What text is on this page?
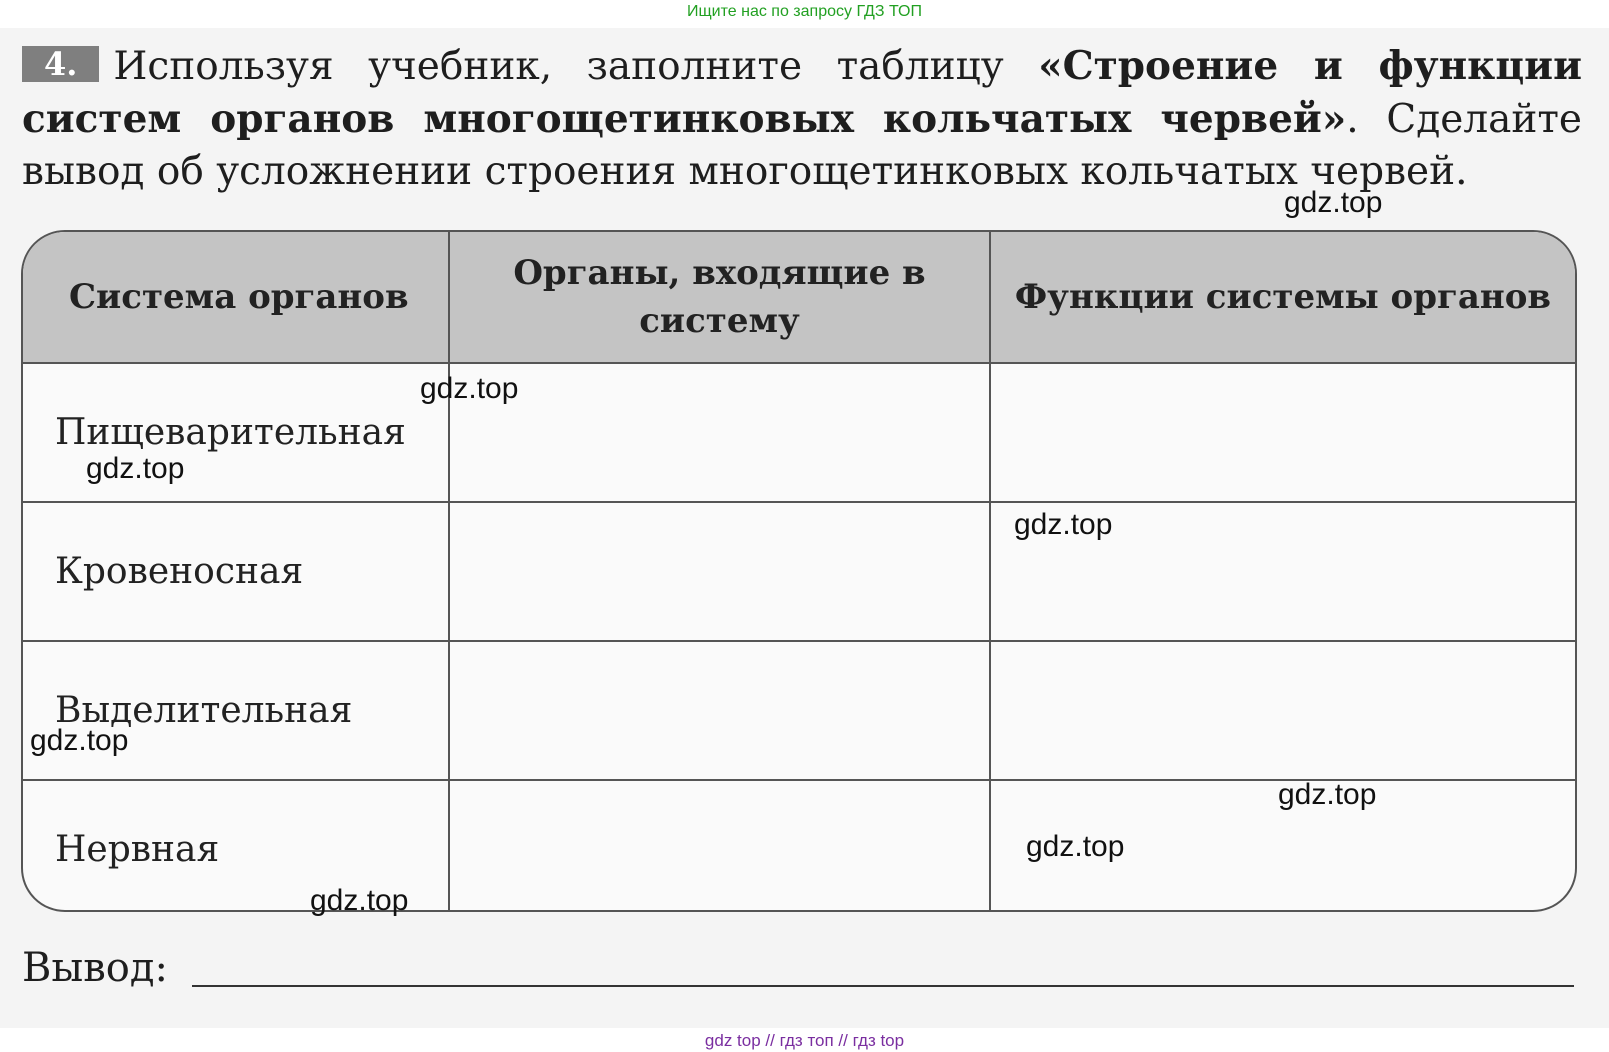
Ищите нас по запросу ГДЗ ТОП
4. Используя учебник, заполните таблицу «Строение и функции систем органов многощетинковых кольчатых червей». Сделайте вывод об усложнении строения многощетинковых кольчатых червей.
Система органов	Органы, входящие в систему	Функции системы органов
Пищеварительная		
Кровеносная		
Выделительная		
Нервная		
Вывод:
gdz.top
gdz.top
gdz.top
gdz.top
gdz.top
gdz.top
gdz.top
gdz.top
gdz top // гдз топ // гдз top
